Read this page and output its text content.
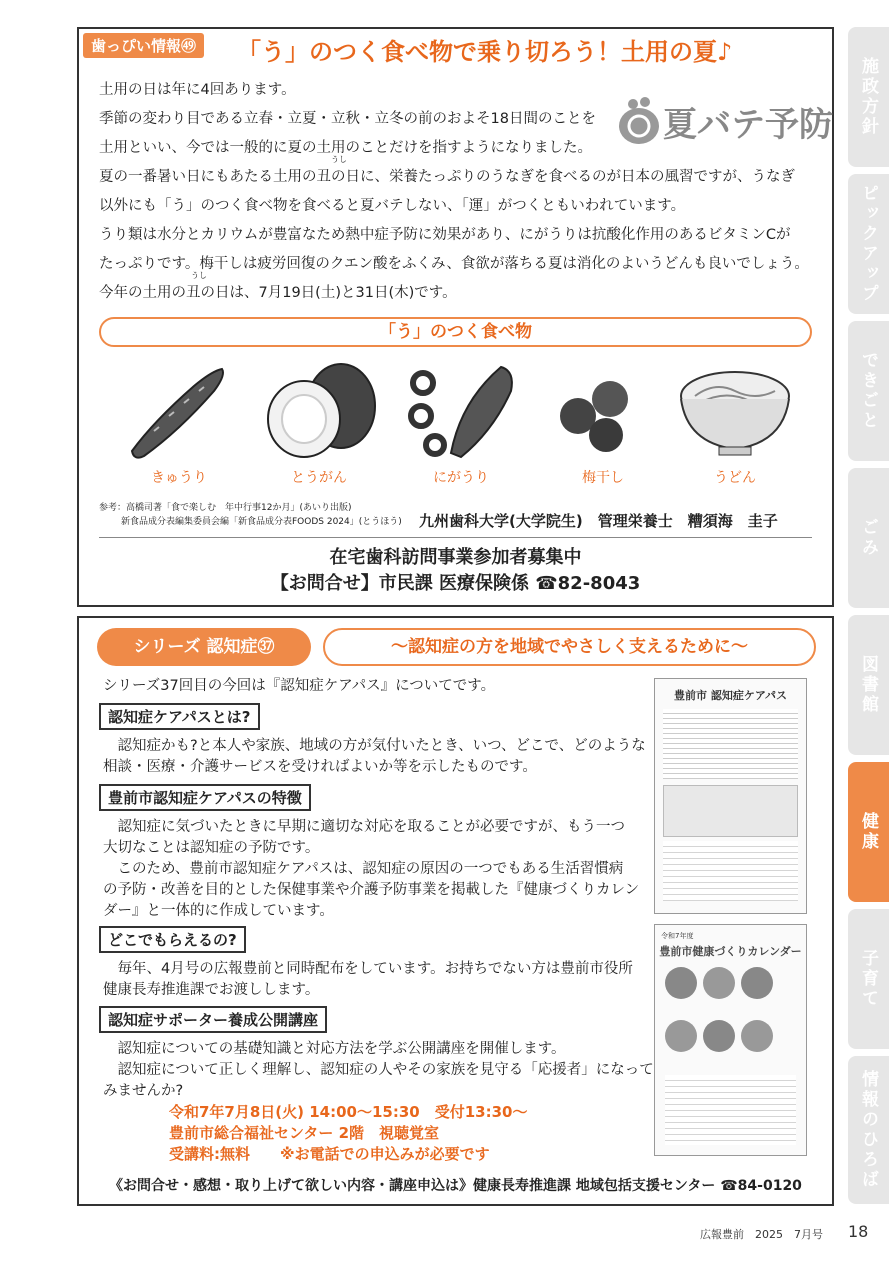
歯っぴい情報㊾	「う」のつく食べ物で乗り切ろう！土用の夏♪
土用の日は年に4回あります。
季節の変わり目である立春・立夏・立秋・立冬の前のおよそ18日間のことを
土用といい、今では一般的に夏の土用のことだけを指すようになりました。
うし
夏の一番暑い日にもあたる土用の丑の日に、栄養たっぷりのうなぎを食べるのが日本の風習ですが、うなぎ
以外にも「う」のつく食べ物を食べると夏バテしない、「運」がつくともいわれています。
うり類は水分とカリウムが豊富なため熱中症予防に効果があり、にがうりは抗酸化作用のあるビタミンCが
たっぷりです。梅干しは疲労回復のクエン酸をふくみ、食欲が落ちる夏は消化のよいうどんも良いでしょう。
うし
今年の土用の丑の日は、7月19日(土)と31日(木)です。
夏バテ予防
「う」のつく食べ物
きゅうり	とうがん	にがうり	梅干し	うどん
参考：高橋司著「食で楽しむ　年中行事12か月」(あいり出版)
新食品成分表編集委員会編「新食品成分表FOODS 2024」(とうほう) 九州歯科大学(大学院生)　管理栄養士　糟須海　圭子
在宅歯科訪問事業参加者募集中
【お問合せ】市民課 医療保険係 ☎82-8043
シリーズ 認知症㊲	～認知症の方を地域でやさしく支えるために～
シリーズ37回目の今回は『認知症ケアパス』についてです。
認知症ケアパスとは?
　認知症かも?と本人や家族、地域の方が気付いたとき、いつ、どこで、どのような
相談・医療・介護サービスを受ければよいか等を示したものです。
豊前市認知症ケアパスの特徴
　認知症に気づいたときに早期に適切な対応を取ることが必要ですが、もう一つ
大切なことは認知症の予防です。
　このため、豊前市認知症ケアパスは、認知症の原因の一つでもある生活習慣病
の予防・改善を目的とした保健事業や介護予防事業を掲載した『健康づくりカレン
ダー』と一体的に作成しています。
どこでもらえるの?
　毎年、4月号の広報豊前と同時配布をしています。お持ちでない方は豊前市役所
健康長寿推進課でお渡しします。
認知症サポーター養成公開講座
　認知症についての基礎知識と対応方法を学ぶ公開講座を開催します。
　認知症について正しく理解し、認知症の人やその家族を見守る「応援者」になって
みませんか?
令和7年7月8日(火) 14:00～15:30　受付13:30～
豊前市総合福祉センター 2階　視聴覚室
受講料:無料　　※お電話での申込みが必要です
豊前市 認知症ケアパス
令和7年度
豊前市健康づくりカレンダー
《お問合せ・感想・取り上げて欲しい内容・講座申込は》健康長寿推進課 地域包括支援センター ☎84-0120
施政方針
ピックアップ
できごと
ごみ
図書館
健康
子育て
情報のひろば
広報豊前　2025　7月号 18
